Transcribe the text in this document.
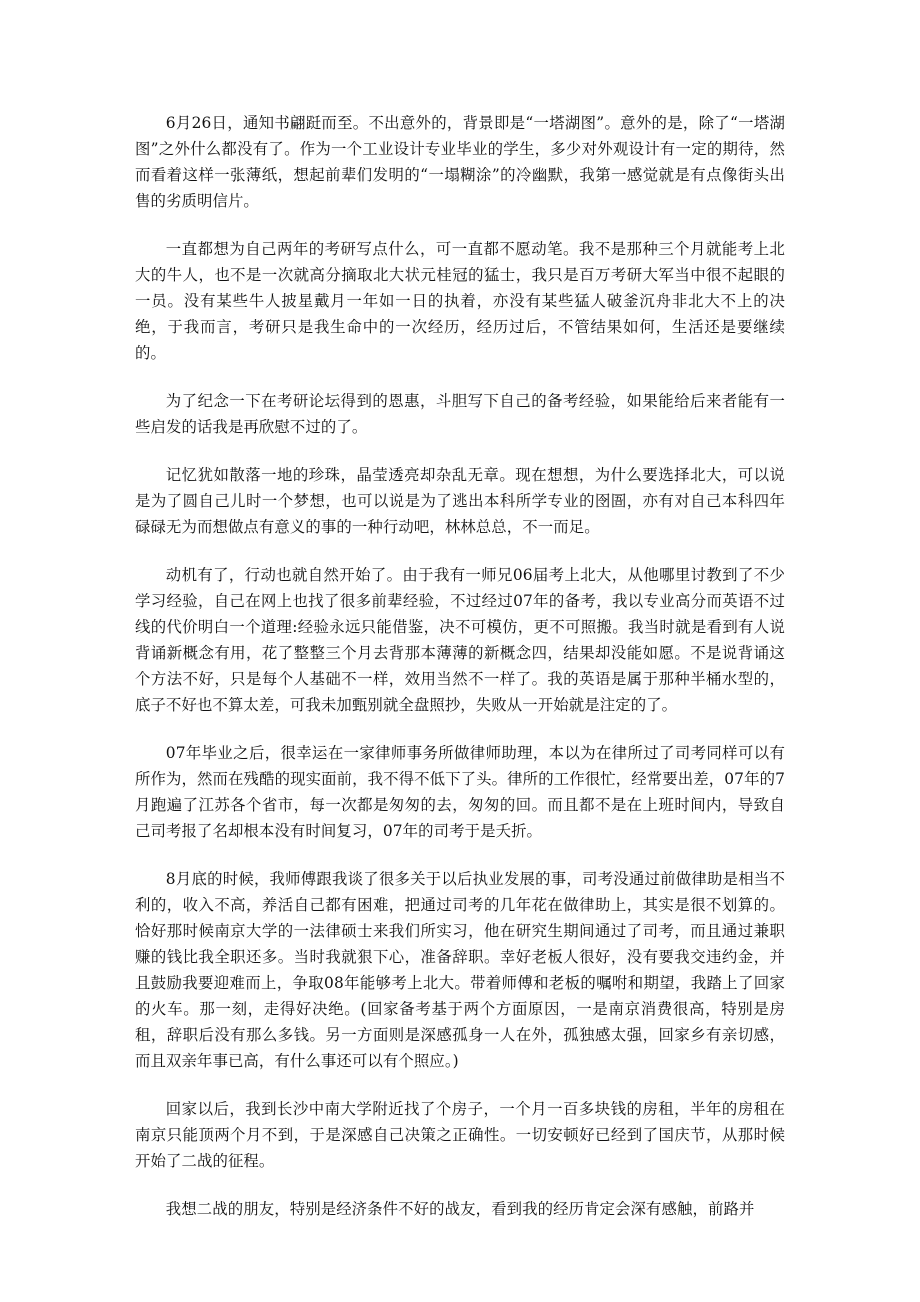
6月26日，通知书翩跹而至。不出意外的，背景即是“一塔湖图”。意外的是，除了“一塔湖图”之外什么都没有了。作为一个工业设计专业毕业的学生，多少对外观设计有一定的期待，然而看着这样一张薄纸，想起前辈们发明的“一塌糊涂”的冷幽默，我第一感觉就是有点像街头出售的劣质明信片。

一直都想为自己两年的考研写点什么，可一直都不愿动笔。我不是那种三个月就能考上北大的牛人，也不是一次就高分摘取北大状元桂冠的猛士，我只是百万考研大军当中很不起眼的一员。没有某些牛人披星戴月一年如一日的执着，亦没有某些猛人破釜沉舟非北大不上的决绝，于我而言，考研只是我生命中的一次经历，经历过后，不管结果如何，生活还是要继续的。

为了纪念一下在考研论坛得到的恩惠，斗胆写下自己的备考经验，如果能给后来者能有一些启发的话我是再欣慰不过的了。

记忆犹如散落一地的珍珠，晶莹透亮却杂乱无章。现在想想，为什么要选择北大，可以说是为了圆自己儿时一个梦想，也可以说是为了逃出本科所学专业的囹圄，亦有对自己本科四年碌碌无为而想做点有意义的事的一种行动吧，林林总总，不一而足。

动机有了，行动也就自然开始了。由于我有一师兄06届考上北大，从他哪里讨教到了不少学习经验，自己在网上也找了很多前辈经验，不过经过07年的备考，我以专业高分而英语不过线的代价明白一个道理:经验永远只能借鉴，决不可模仿，更不可照搬。我当时就是看到有人说背诵新概念有用，花了整整三个月去背那本薄薄的新概念四，结果却没能如愿。不是说背诵这个方法不好，只是每个人基础不一样，效用当然不一样了。我的英语是属于那种半桶水型的，底子不好也不算太差，可我未加甄别就全盘照抄，失败从一开始就是注定的了。

07年毕业之后，很幸运在一家律师事务所做律师助理，本以为在律所过了司考同样可以有所作为，然而在残酷的现实面前，我不得不低下了头。律所的工作很忙，经常要出差，07年的7月跑遍了江苏各个省市，每一次都是匆匆的去，匆匆的回。而且都不是在上班时间内，导致自己司考报了名却根本没有时间复习，07年的司考于是夭折。

8月底的时候，我师傅跟我谈了很多关于以后执业发展的事，司考没通过前做律助是相当不利的，收入不高，养活自己都有困难，把通过司考的几年花在做律助上，其实是很不划算的。恰好那时候南京大学的一法律硕士来我们所实习，他在研究生期间通过了司考，而且通过兼职赚的钱比我全职还多。当时我就狠下心，准备辞职。幸好老板人很好，没有要我交违约金，并且鼓励我要迎难而上，争取08年能够考上北大。带着师傅和老板的嘱咐和期望，我踏上了回家的火车。那一刻，走得好决绝。(回家备考基于两个方面原因，一是南京消费很高，特别是房租，辞职后没有那么多钱。另一方面则是深感孤身一人在外，孤独感太强，回家乡有亲切感，而且双亲年事已高，有什么事还可以有个照应。)

回家以后，我到长沙中南大学附近找了个房子，一个月一百多块钱的房租，半年的房租在南京只能顶两个月不到，于是深感自己决策之正确性。一切安顿好已经到了国庆节，从那时候开始了二战的征程。

我想二战的朋友，特别是经济条件不好的战友，看到我的经历肯定会深有感触，前路并
